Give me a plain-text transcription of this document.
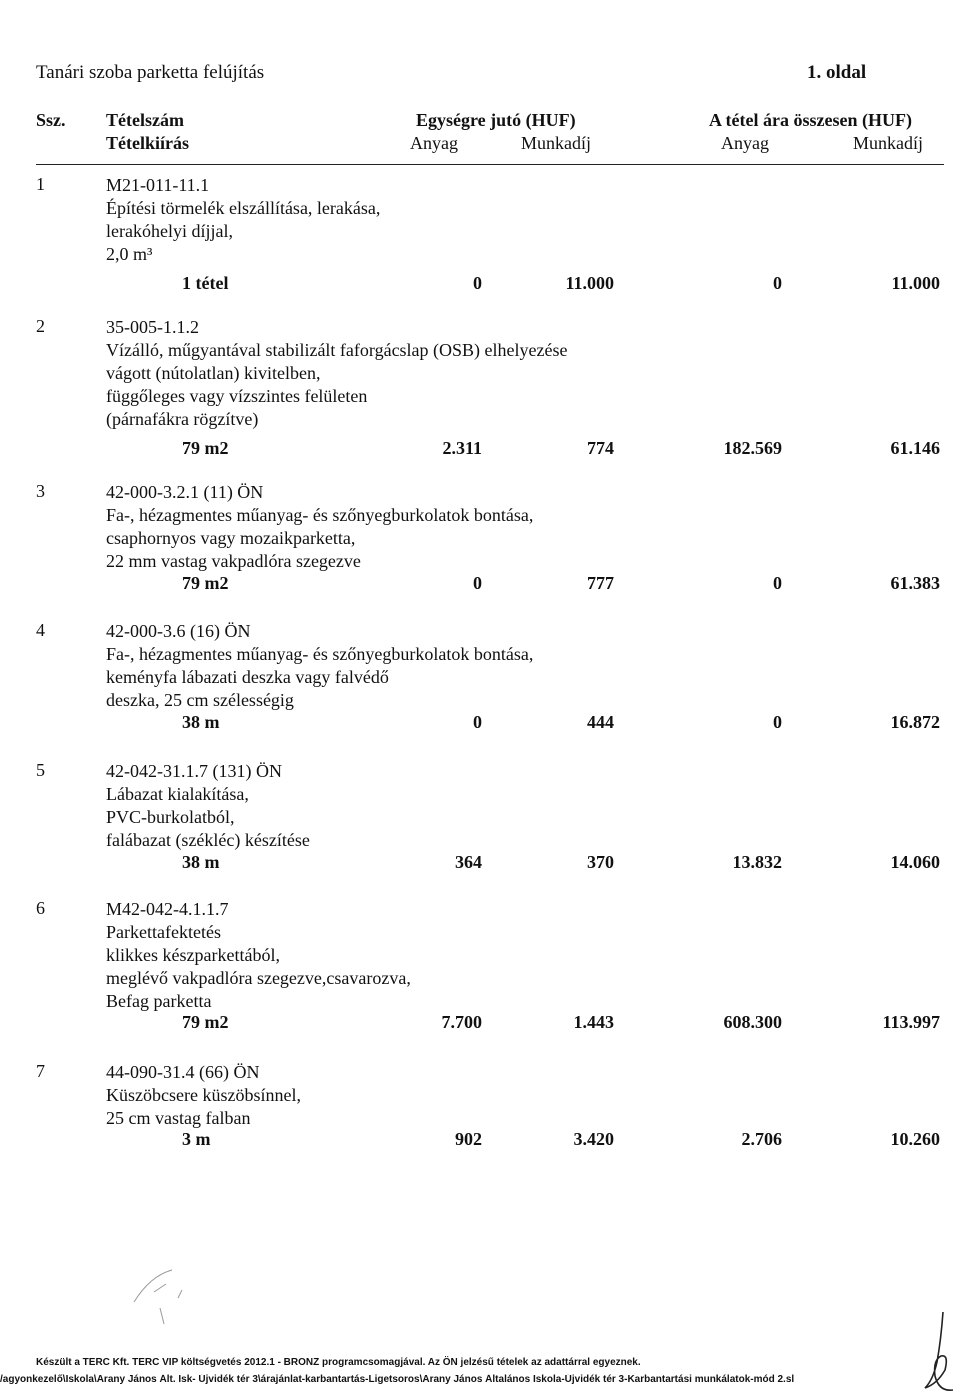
Tanári szoba parketta felújítás	1. oldal
Ssz. Tételszám
Tételkiírás
Egységre jutó (HUF)
Anyag	Munkadíj
A tétel ára összesen (HUF)
Anyag	Munkadíj
1	M21-011-11.1
Építési törmelék elszállítása, lerakása,
lerakóhelyi díjjal,
2,0 m³
1 tétel	0	11.000	0	11.000
2	35-005-1.1.2
Vízálló, műgyantával stabilizált faforgácslap (OSB) elhelyezése
vágott (nútolatlan) kivitelben,
függőleges vagy vízszintes felületen
(párnafákra rögzítve)
79 m2	2.311	774	182.569	61.146
3	42-000-3.2.1 (11) ÖN
Fa-, hézagmentes műanyag- és szőnyegburkolatok bontása,
csaphornyos vagy mozaikparketta,
22 mm vastag vakpadlóra szegezve
79 m2	0	777	0	61.383
4	42-000-3.6 (16) ÖN
Fa-, hézagmentes műanyag- és szőnyegburkolatok bontása,
keményfa lábazati deszka vagy falvédő
deszka, 25 cm szélességig
38 m	0	444	0	16.872
5	42-042-31.1.7 (131) ÖN
Lábazat kialakítása,
PVC-burkolatból,
falábazat (székléc) készítése
38 m	364	370	13.832	14.060
6	M42-042-4.1.1.7
Parkettafektetés
klikkes készparkettából,
meglévő vakpadlóra szegezve,csavarozva,
Befag parketta
79 m2	7.700	1.443	608.300	113.997
7	44-090-31.4 (66) ÖN
Küszöbcsere küszöbsínnel,
25 cm vastag falban
3 m	902	3.420	2.706	10.260
Készült a TERC Kft. TERC VIP költségvetés 2012.1 - BRONZ programcsomagjával. Az ÖN jelzésű tételek az adattárral egyeznek.
/agyonkezelő\Iskola\Arany János Ált. Isk- Újvidék tér 3\árajánlat-karbantartás-Ligetsoros\Arany János Általános Iskola-Újvidék tér 3-Karbantartási munkálatok-mód 2.sl
